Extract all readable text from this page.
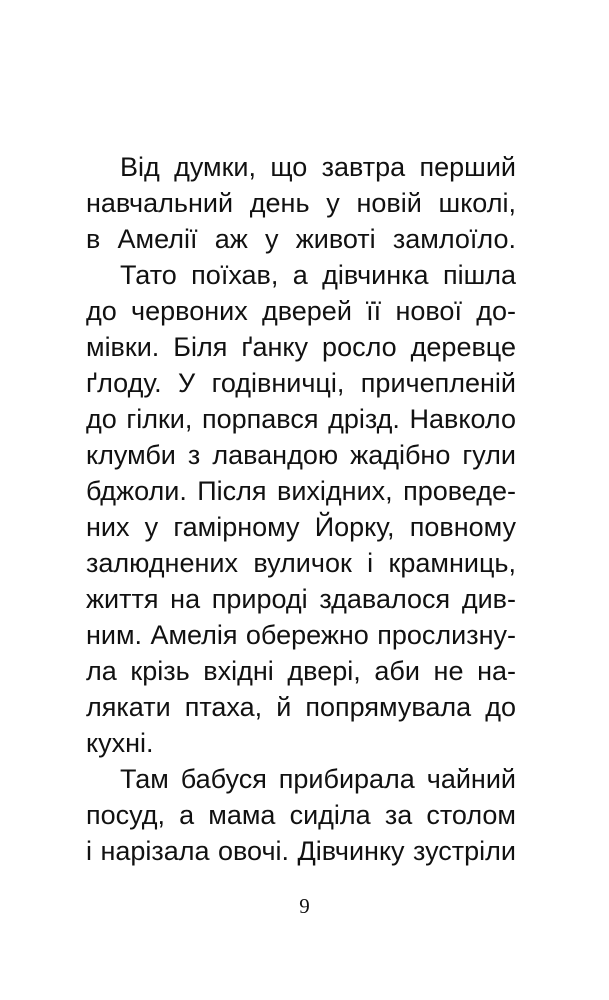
Від думки, що завтра перший
навчальний день у новій школі,
в Амелії аж у животі замлоїло.
Тато поїхав, а дівчинка пішла
до червоних дверей її нової до-
мівки. Біля ґанку росло деревце
ґлоду. У годівничці, причепленій
до гілки, порпався дрізд. Навколо
клумби з лавандою жадібно гули
бджоли. Після вихідних, проведе-
них у гамірному Йорку, повному
залюднених вуличок і крамниць,
життя на природі здавалося див-
ним. Амелія обережно прослизну-
ла крізь вхідні двері, аби не на-
лякати птаха, й попрямувала до
кухні.
Там бабуся прибирала чайний
посуд, а мама сиділа за столом
і нарізала овочі. Дівчинку зустріли
9
